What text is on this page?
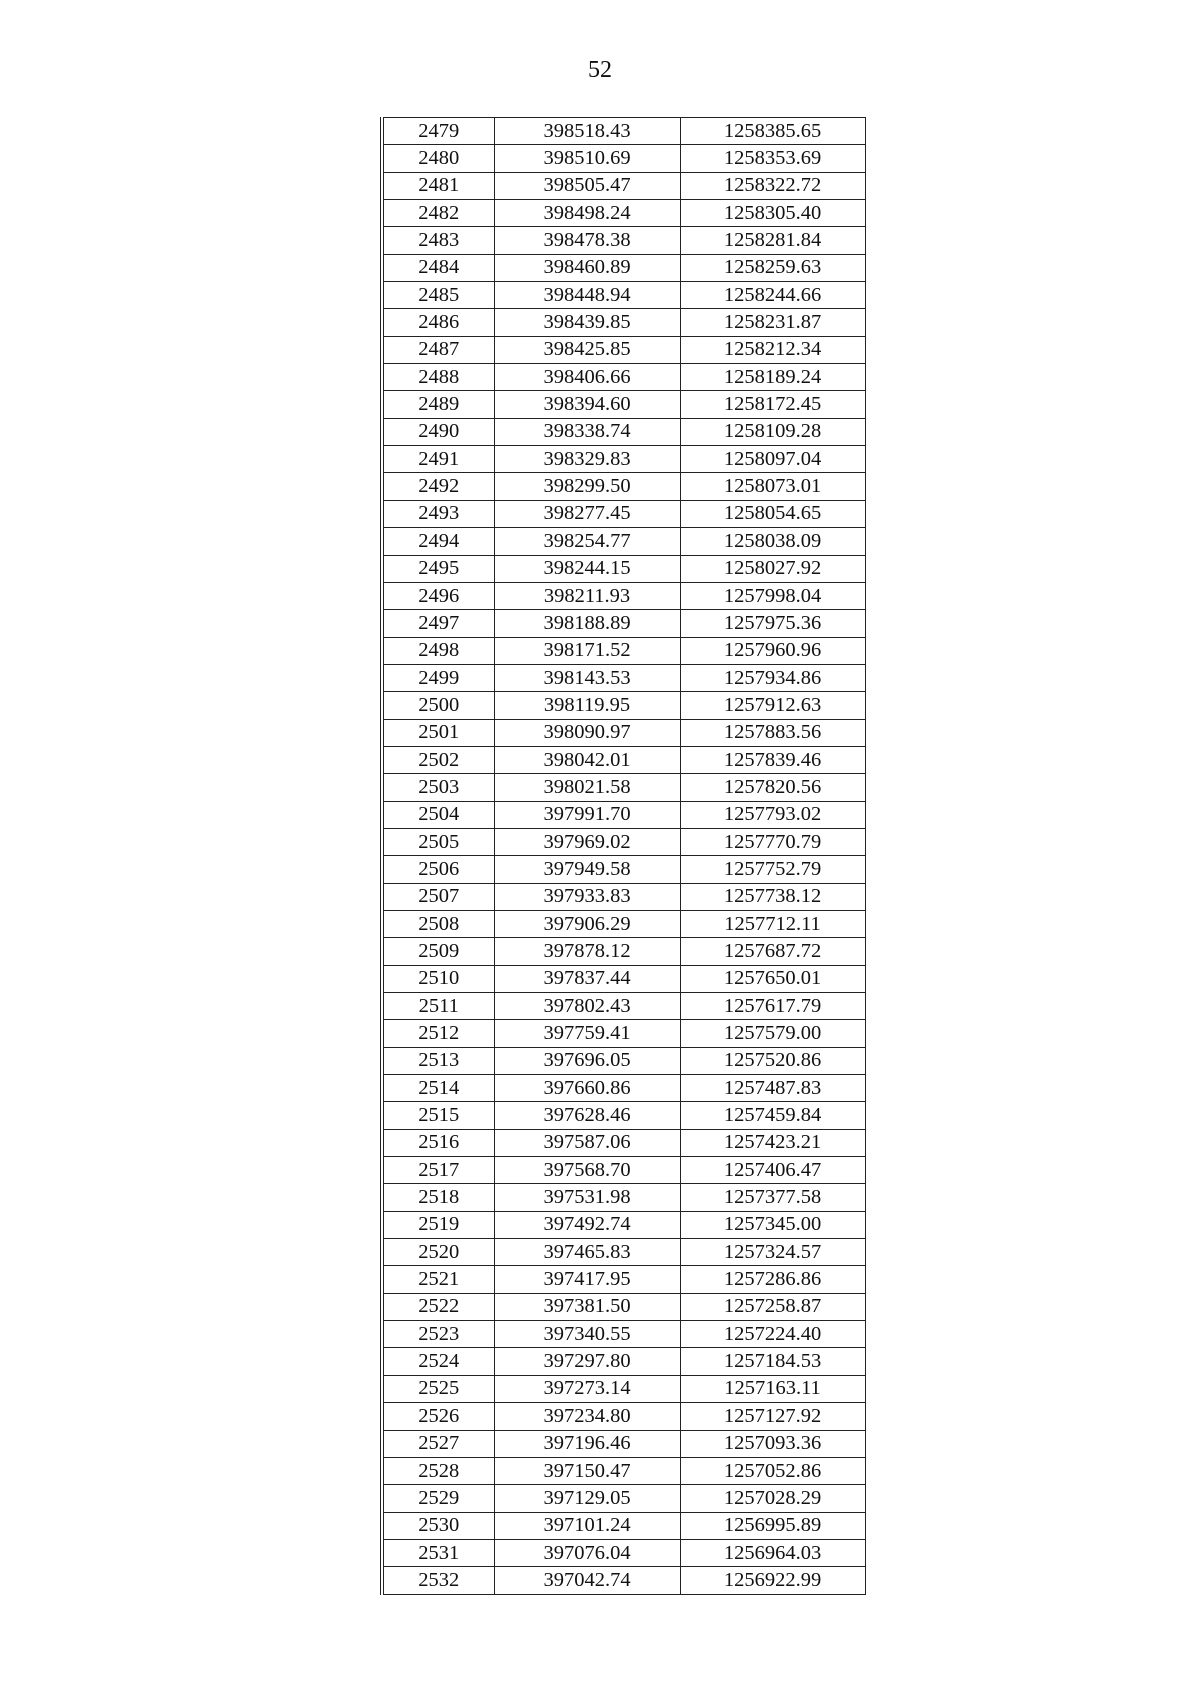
52
2479	398518.43	1258385.65
2480	398510.69	1258353.69
2481	398505.47	1258322.72
2482	398498.24	1258305.40
2483	398478.38	1258281.84
2484	398460.89	1258259.63
2485	398448.94	1258244.66
2486	398439.85	1258231.87
2487	398425.85	1258212.34
2488	398406.66	1258189.24
2489	398394.60	1258172.45
2490	398338.74	1258109.28
2491	398329.83	1258097.04
2492	398299.50	1258073.01
2493	398277.45	1258054.65
2494	398254.77	1258038.09
2495	398244.15	1258027.92
2496	398211.93	1257998.04
2497	398188.89	1257975.36
2498	398171.52	1257960.96
2499	398143.53	1257934.86
2500	398119.95	1257912.63
2501	398090.97	1257883.56
2502	398042.01	1257839.46
2503	398021.58	1257820.56
2504	397991.70	1257793.02
2505	397969.02	1257770.79
2506	397949.58	1257752.79
2507	397933.83	1257738.12
2508	397906.29	1257712.11
2509	397878.12	1257687.72
2510	397837.44	1257650.01
2511	397802.43	1257617.79
2512	397759.41	1257579.00
2513	397696.05	1257520.86
2514	397660.86	1257487.83
2515	397628.46	1257459.84
2516	397587.06	1257423.21
2517	397568.70	1257406.47
2518	397531.98	1257377.58
2519	397492.74	1257345.00
2520	397465.83	1257324.57
2521	397417.95	1257286.86
2522	397381.50	1257258.87
2523	397340.55	1257224.40
2524	397297.80	1257184.53
2525	397273.14	1257163.11
2526	397234.80	1257127.92
2527	397196.46	1257093.36
2528	397150.47	1257052.86
2529	397129.05	1257028.29
2530	397101.24	1256995.89
2531	397076.04	1256964.03
2532	397042.74	1256922.99
